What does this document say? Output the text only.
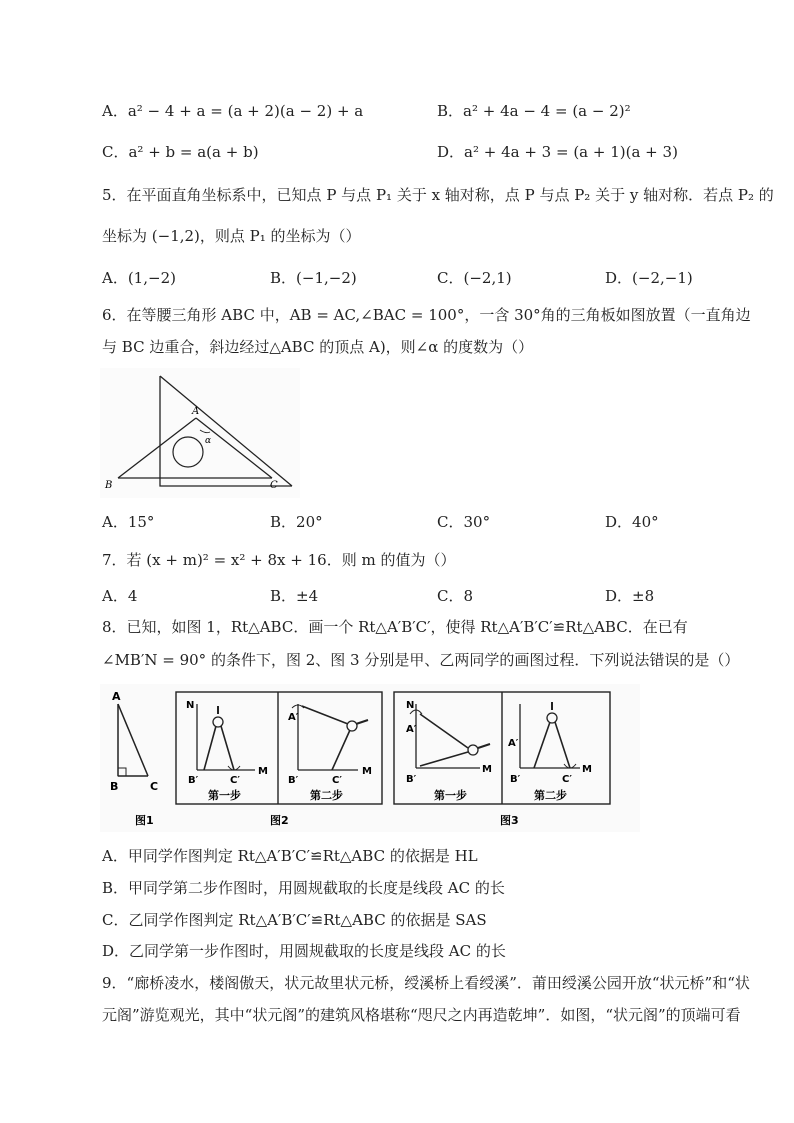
A．a² − 4 + a = (a + 2)(a − 2) + a	B．a² + 4a − 4 = (a − 2)²
C．a² + b = a(a + b)	D．a² + 4a + 3 = (a + 1)(a + 3)
5．在平面直角坐标系中，已知点 P 与点 P₁ 关于 x 轴对称，点 P 与点 P₂ 关于 y 轴对称．若点 P₂ 的
坐标为 (−1,2)，则点 P₁ 的坐标为（）
A．(1,−2)	B．(−1,−2)	C．(−2,1)	D．(−2,−1)
6．在等腰三角形 ABC 中，AB = AC,∠BAC = 100°，一含 30°角的三角板如图放置（一直角边
与 BC 边重合，斜边经过△ABC 的顶点 A)，则∠α 的度数为（）
A
B	C
α
A．15°	B．20°	C．30°	D．40°
7．若 (x + m)² = x² + 8x + 16．则 m 的值为（）
A．4	B．±4	C．8	D．±8
8．已知，如图 1，Rt△ABC．画一个 Rt△A′B′C′，使得 Rt△A′B′C′≌Rt△ABC．在已有
∠MB′N = 90° 的条件下，图 2、图 3 分别是甲、乙两同学的画图过程．下列说法错误的是（）
A
B	C
图1
N
M
B′	C′
第一步
A′
B′	C′
M
第二步
图2
N
A′
B′
M
第一步
A′
B′	C′
M
第二步
图3
A．甲同学作图判定 Rt△A′B′C′≌Rt△ABC 的依据是 HL
B．甲同学第二步作图时，用圆规截取的长度是线段 AC 的长
C．乙同学作图判定 Rt△A′B′C′≌Rt△ABC 的依据是 SAS
D．乙同学第一步作图时，用圆规截取的长度是线段 AC 的长
9．“廊桥凌水，楼阁傲天，状元故里状元桥，绶溪桥上看绶溪”．莆田绶溪公园开放“状元桥”和“状
元阁”游览观光，其中“状元阁”的建筑风格堪称“咫尺之内再造乾坤”．如图，“状元阁”的顶端可看
